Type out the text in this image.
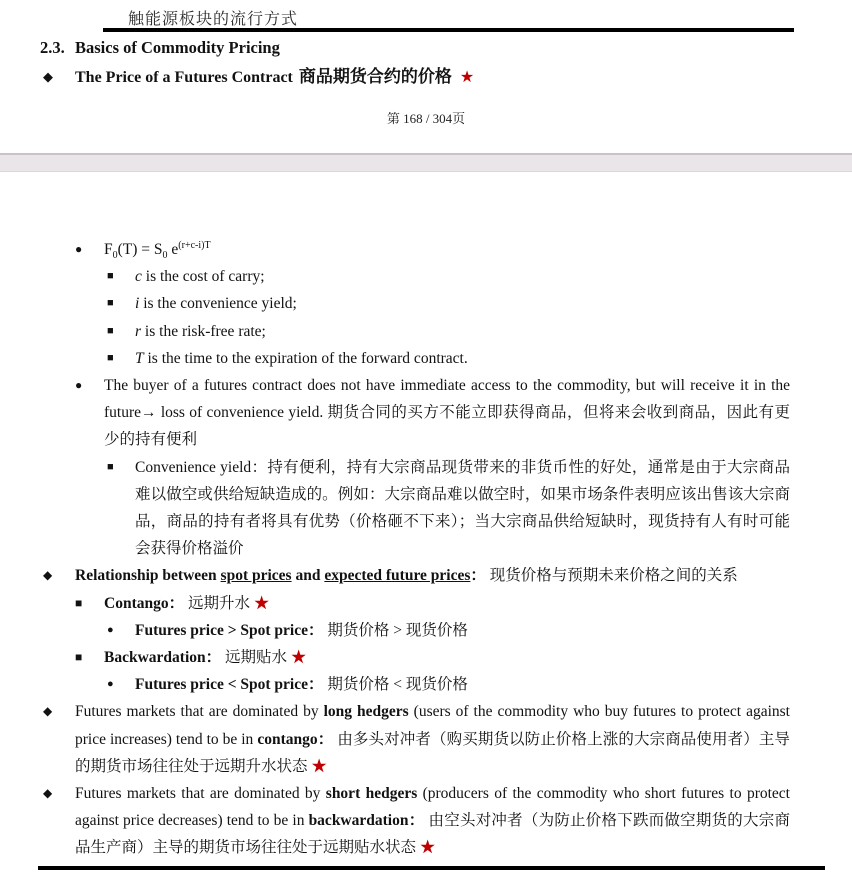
触能源板块的流行方式
2.3. Basics of Commodity Pricing
◆ The Price of a Futures Contract 商品期货合约的价格 ★
第 168 / 304页
● $F_0(T) = S_0$ $e^{(r+c-i)T}$
■ c is the cost of carry;
■ i is the convenience yield;
■ r is the risk-free rate;
■ T is the time to the expiration of the forward contract.
● The buyer of a futures contract does not have immediate access to the commodity, but will receive it in the future→ loss of convenience yield. 期货合同的买方不能立即获得商品，但将来会收到商品，因此有更少的持有便利
■ Convenience yield：持有便利，持有大宗商品现货带来的非货币性的好处，通常是由于大宗商品难以做空或供给短缺造成的。例如：大宗商品难以做空时，如果市场条件表明应该出售该大宗商品，商品的持有者将具有优势（价格砸不下来）；当大宗商品供给短缺时，现货持有人有时可能会获得价格溢价
◆ Relationship between spot prices and expected future prices： 现货价格与预期未来价格之间的关系
■ Contango： 远期升水 ★
● Futures price > Spot price： 期货价格 > 现货价格
■ Backwardation： 远期贴水 ★
● Futures price < Spot price： 期货价格 < 现货价格
◆ Futures markets that are dominated by long hedgers (users of the commodity who buy futures to protect against price increases) tend to be in contango： 由多头对冲者（购买期货以防止价格上涨的大宗商品使用者）主导的期货市场往往处于远期升水状态 ★
◆ Futures markets that are dominated by short hedgers (producers of the commodity who short futures to protect against price decreases) tend to be in backwardation： 由空头对冲者（为防止价格下跌而做空期货的大宗商品生产商）主导的期货市场往往处于远期贴水状态 ★
